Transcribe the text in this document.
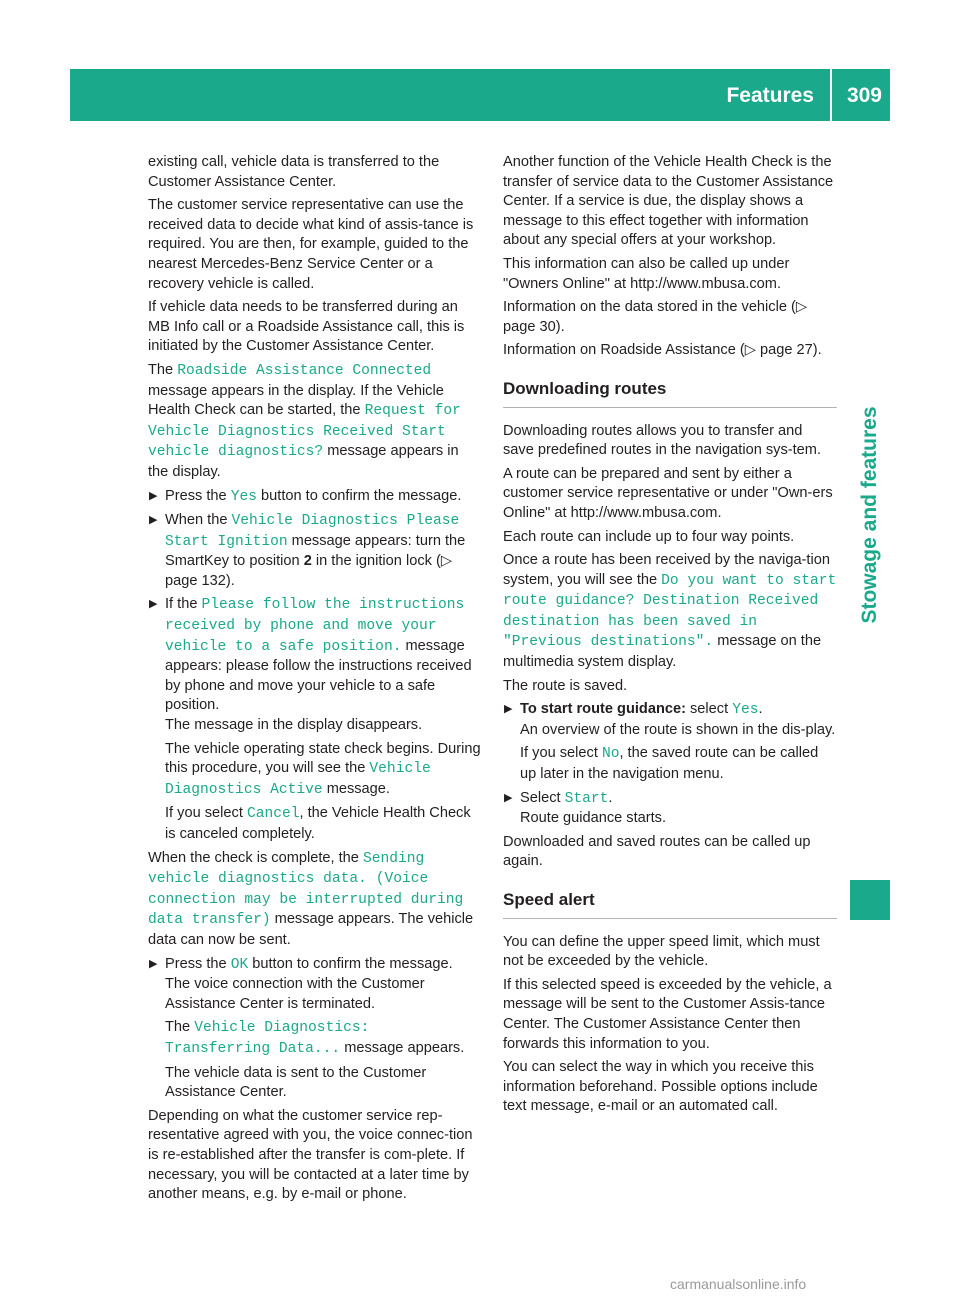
Features 309
Stowage and features

existing call, vehicle data is transferred to the Customer Assistance Center.

The customer service representative can use the received data to decide what kind of assis-tance is required. You are then, for example, guided to the nearest Mercedes-Benz Service Center or a recovery vehicle is called.

If vehicle data needs to be transferred during an MB Info call or a Roadside Assistance call, this is initiated by the Customer Assistance Center.

The Roadside Assistance Connected message appears in the display. If the Vehicle Health Check can be started, the Request for Vehicle Diagnostics Received Start vehicle diagnostics? message appears in the display.

▶ Press the Yes button to confirm the message.

▶ When the Vehicle Diagnostics Please Start Ignition message appears: turn the SmartKey to position 2 in the ignition lock (▷ page 132).

▶ If the Please follow the instructions received by phone and move your vehicle to a safe position. message appears: please follow the instructions received by phone and move your vehicle to a safe position.
The message in the display disappears.

The vehicle operating state check begins. During this procedure, you will see the Vehicle Diagnostics Active message.

If you select Cancel, the Vehicle Health Check is canceled completely.

When the check is complete, the Sending vehicle diagnostics data. (Voice connection may be interrupted during data transfer) message appears. The vehicle data can now be sent.

▶ Press the OK button to confirm the message.
The voice connection with the Customer Assistance Center is terminated.

The Vehicle Diagnostics: Transferring Data... message appears.

The vehicle data is sent to the Customer Assistance Center.

Depending on what the customer service rep-resentative agreed with you, the voice connec-tion is re-established after the transfer is com-plete. If necessary, you will be contacted at a later time by another means, e.g. by e-mail or phone.

Another function of the Vehicle Health Check is the transfer of service data to the Customer Assistance Center. If a service is due, the display shows a message to this effect together with information about any special offers at your workshop.

This information can also be called up under "Owners Online" at http://www.mbusa.com.

Information on the data stored in the vehicle (▷ page 30).

Information on Roadside Assistance (▷ page 27).

Downloading routes

Downloading routes allows you to transfer and save predefined routes in the navigation sys-tem.

A route can be prepared and sent by either a customer service representative or under "Own-ers Online" at http://www.mbusa.com.

Each route can include up to four way points.

Once a route has been received by the naviga-tion system, you will see the Do you want to start route guidance? Destination Received destination has been saved in "Previous destinations". message on the multimedia system display.

The route is saved.

▶ To start route guidance: select Yes.
An overview of the route is shown in the dis-play.

If you select No, the saved route can be called up later in the navigation menu.

▶ Select Start.
Route guidance starts.

Downloaded and saved routes can be called up again.

Speed alert

You can define the upper speed limit, which must not be exceeded by the vehicle.

If this selected speed is exceeded by the vehicle, a message will be sent to the Customer Assis-tance Center. The Customer Assistance Center then forwards this information to you.

You can select the way in which you receive this information beforehand. Possible options include text message, e-mail or an automated call.

carmanualsonline.info
